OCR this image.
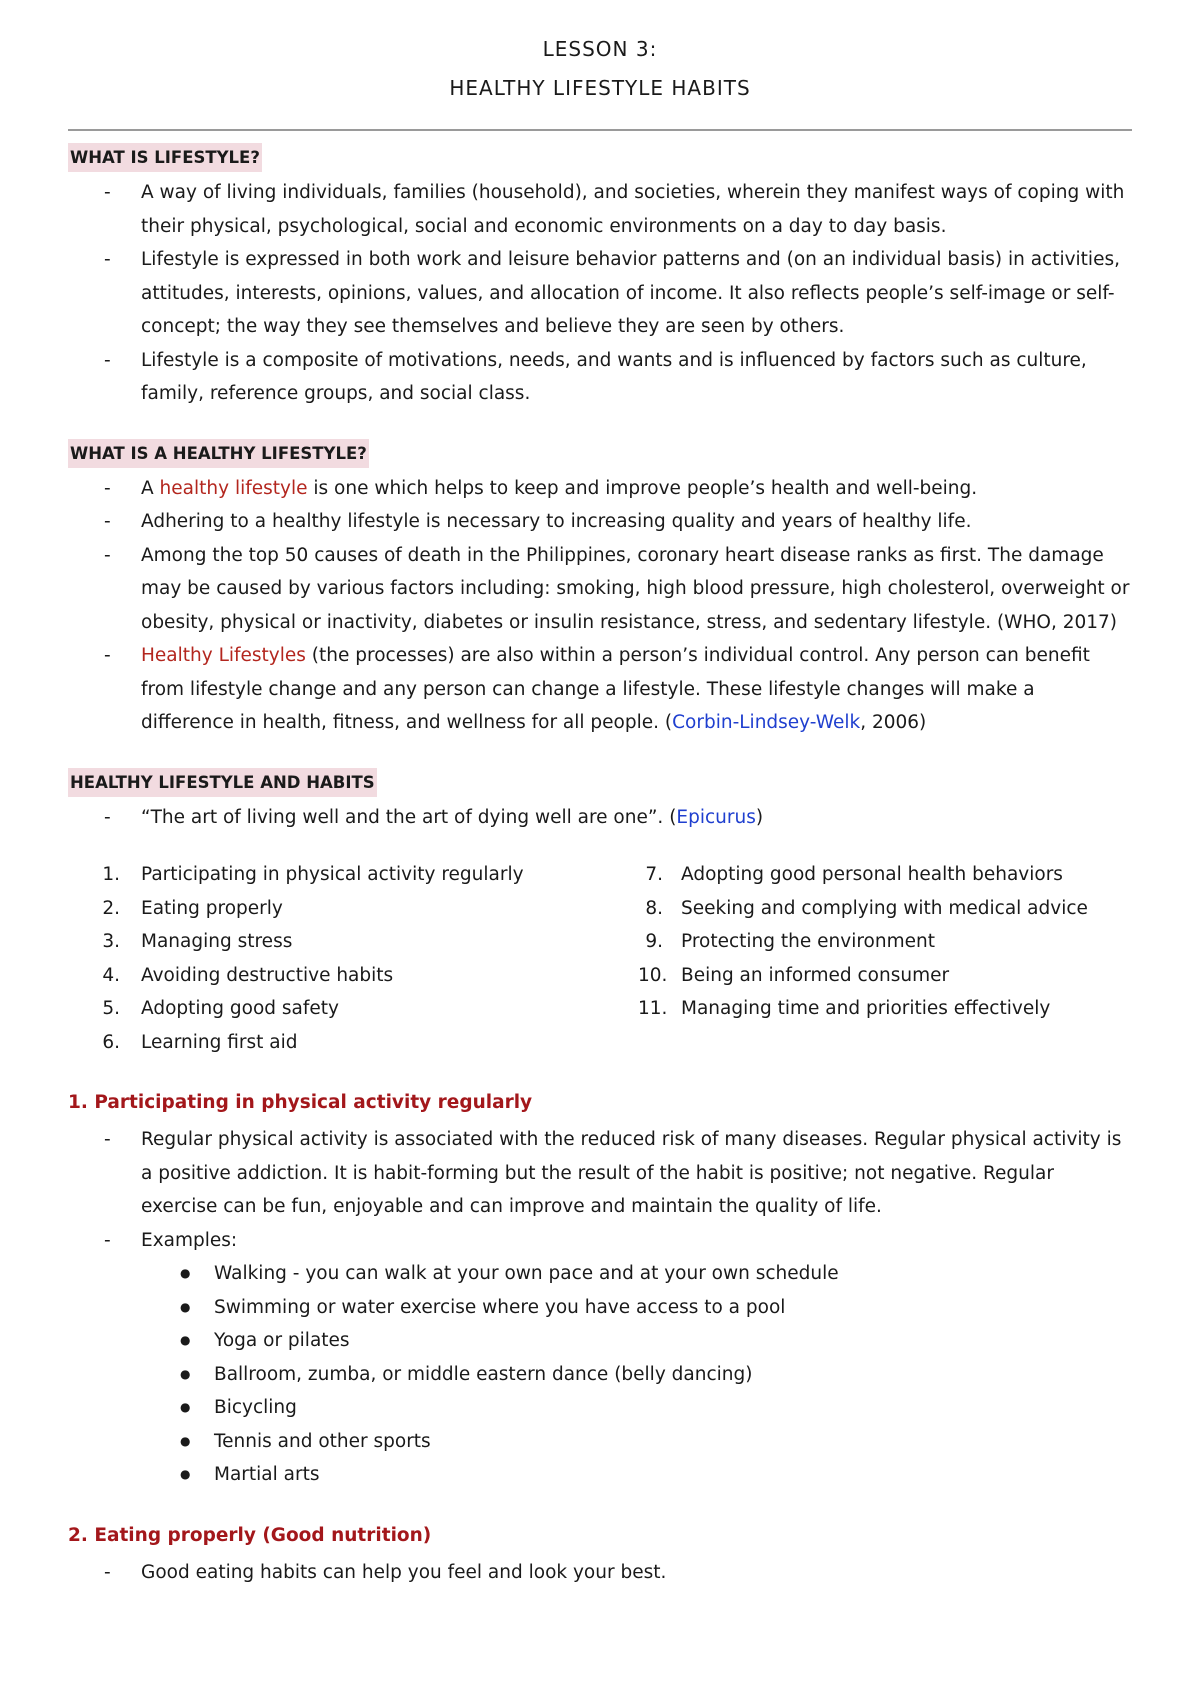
LESSON 3:
HEALTHY LIFESTYLE HABITS
WHAT IS LIFESTYLE?
- A way of living individuals, families (household), and societies, wherein they manifest ways of coping with their physical, psychological, social and economic environments on a day to day basis.
- Lifestyle is expressed in both work and leisure behavior patterns and (on an individual basis) in activities, attitudes, interests, opinions, values, and allocation of income. It also reflects people’s self-image or self-concept; the way they see themselves and believe they are seen by others.
- Lifestyle is a composite of motivations, needs, and wants and is influenced by factors such as culture, family, reference groups, and social class.
WHAT IS A HEALTHY LIFESTYLE?
- A healthy lifestyle is one which helps to keep and improve people’s health and well-being.
- Adhering to a healthy lifestyle is necessary to increasing quality and years of healthy life.
- Among the top 50 causes of death in the Philippines, coronary heart disease ranks as first. The damage may be caused by various factors including: smoking, high blood pressure, high cholesterol, overweight or obesity, physical or inactivity, diabetes or insulin resistance, stress, and sedentary lifestyle. (WHO, 2017)
- Healthy Lifestyles (the processes) are also within a person’s individual control. Any person can benefit from lifestyle change and any person can change a lifestyle. These lifestyle changes will make a difference in health, fitness, and wellness for all people. (Corbin-Lindsey-Welk, 2006)
HEALTHY LIFESTYLE AND HABITS
- “The art of living well and the art of dying well are one”. (Epicurus)
1. Participating in physical activity regularly
2. Eating properly
3. Managing stress
4. Avoiding destructive habits
5. Adopting good safety
6. Learning first aid
7. Adopting good personal health behaviors
8. Seeking and complying with medical advice
9. Protecting the environment
10. Being an informed consumer
11. Managing time and priorities effectively
1. Participating in physical activity regularly
- Regular physical activity is associated with the reduced risk of many diseases. Regular physical activity is a positive addiction. It is habit-forming but the result of the habit is positive; not negative. Regular exercise can be fun, enjoyable and can improve and maintain the quality of life.
- Examples:
● Walking - you can walk at your own pace and at your own schedule
● Swimming or water exercise where you have access to a pool
● Yoga or pilates
● Ballroom, zumba, or middle eastern dance (belly dancing)
● Bicycling
● Tennis and other sports
● Martial arts
2. Eating properly (Good nutrition)
- Good eating habits can help you feel and look your best.
